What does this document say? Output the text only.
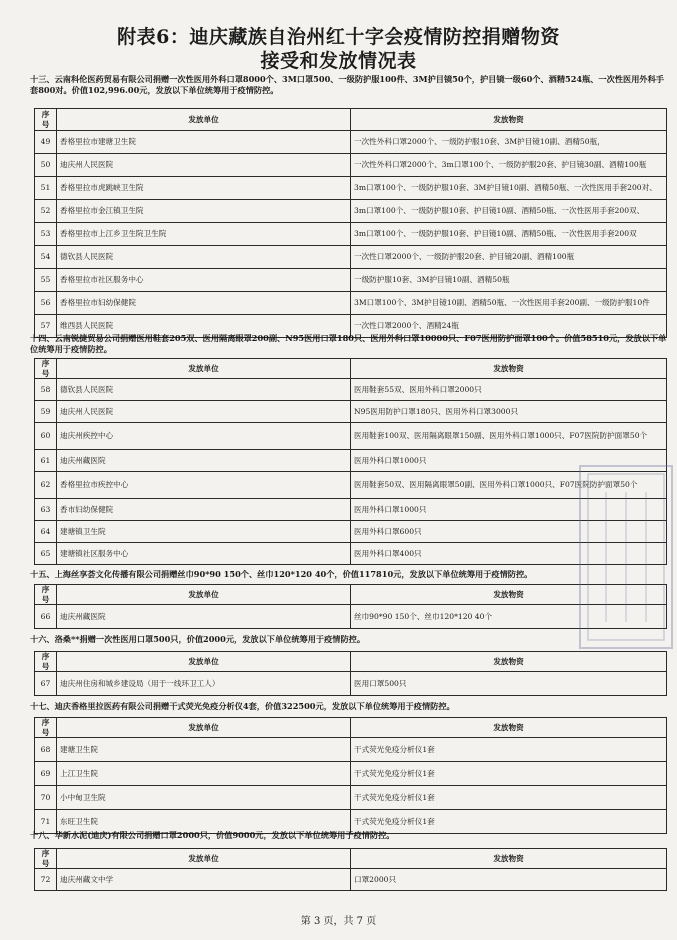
附表6：迪庆藏族自治州红十字会疫情防控捐赠物资
接受和发放情况表
十三、云南科伦医药贸易有限公司捐赠一次性医用外科口罩8000个、3M口罩500、一级防护服100件、3M护目镜50个，护目镜一级60个、酒精524瓶、一次性医用外科手套800对。价值102,996.00元，发放以下单位统筹用于疫情防控。
序号	发放单位	发放物资
49	香格里拉市建塘卫生院	一次性外科口罩2000个、一级防护服10套、3M护目镜10副、酒精50瓶，
50	迪庆州人民医院	一次性外科口罩2000个、3m口罩100个、一级防护服20套、护目镜30副、酒精100瓶
51	香格里拉市虎跳峡卫生院	3m口罩100个、一级防护服10套、3M护目镜10副、酒精50瓶、一次性医用手套200对、
52	香格里拉市金江镇卫生院	3m口罩100个、一级防护服10套、护目镜10副、酒精50瓶、一次性医用手套200双、
53	香格里拉市上江乡卫生院卫生院	3m口罩100个、一级防护服10套、护目镜10副、酒精50瓶、一次性医用手套200双
54	德钦县人民医院	一次性口罩2000个、一级防护服20套、护目镜20副、酒精100瓶
55	香格里拉市社区服务中心	一级防护服10套、3M护目镜10副、酒精50瓶
56	香格里拉市妇幼保健院	3M口罩100个、3M护目镜10副、酒精50瓶、一次性医用手套200副、一级防护服10件
57	维西县人民医院	一次性口罩2000个、酒精24瓶
十四、云南锐捷贸易公司捐赠医用鞋套205双、医用隔离眼罩200副、N95医用口罩180只、医用外科口罩10000只、F07医用防护面罩100个。价值58510元，发放以下单位统筹用于疫情防控。
序号	发放单位	发放物资
58	德钦县人民医院	医用鞋套55双、医用外科口罩2000只
59	迪庆州人民医院	N95医用防护口罩180只、医用外科口罩3000只
60	迪庆州疾控中心	医用鞋套100双、医用隔离眼罩150副、医用外科口罩1000只、F07医院防护面罩50个
61	迪庆州藏医院	医用外科口罩1000只
62	香格里拉市疾控中心	医用鞋套50双、医用隔离眼罩50副、医用外科口罩1000只、F07医院防护面罩50个
63	香市妇幼保健院	医用外科口罩1000只
64	建塘镇卫生院	医用外科口罩600只
65	建塘镇社区服务中心	医用外科口罩400只
十五、上海丝享荟文化传播有限公司捐赠丝巾90*90 150个、丝巾120*120 40个，价值117810元，发放以下单位统筹用于疫情防控。
序号	发放单位	发放物资
66	迪庆州藏医院	丝巾90*90 150个、丝巾120*120 40个
十六、洛桑**捐赠一次性医用口罩500只，价值2000元，发放以下单位统筹用于疫情防控。
序号	发放单位	发放物资
67	迪庆州住房和城乡建设局（用于一线环卫工人）	医用口罩500只
十七、迪庆香格里拉医药有限公司捐赠干式荧光免疫分析仪4套，价值322500元，发放以下单位统筹用于疫情防控。
序号	发放单位	发放物资
68	建塘卫生院	干式荧光免疫分析仪1套
69	上江卫生院	干式荧光免疫分析仪1套
70	小中甸卫生院	干式荧光免疫分析仪1套
71	东旺卫生院	干式荧光免疫分析仪1套
十八、华新水泥(迪庆)有限公司捐赠口罩2000只，价值9000元，发放以下单位统筹用于疫情防控。
序号	发放单位	发放物资
72	迪庆州藏文中学	口罩2000只
第 3 页，共 7 页
